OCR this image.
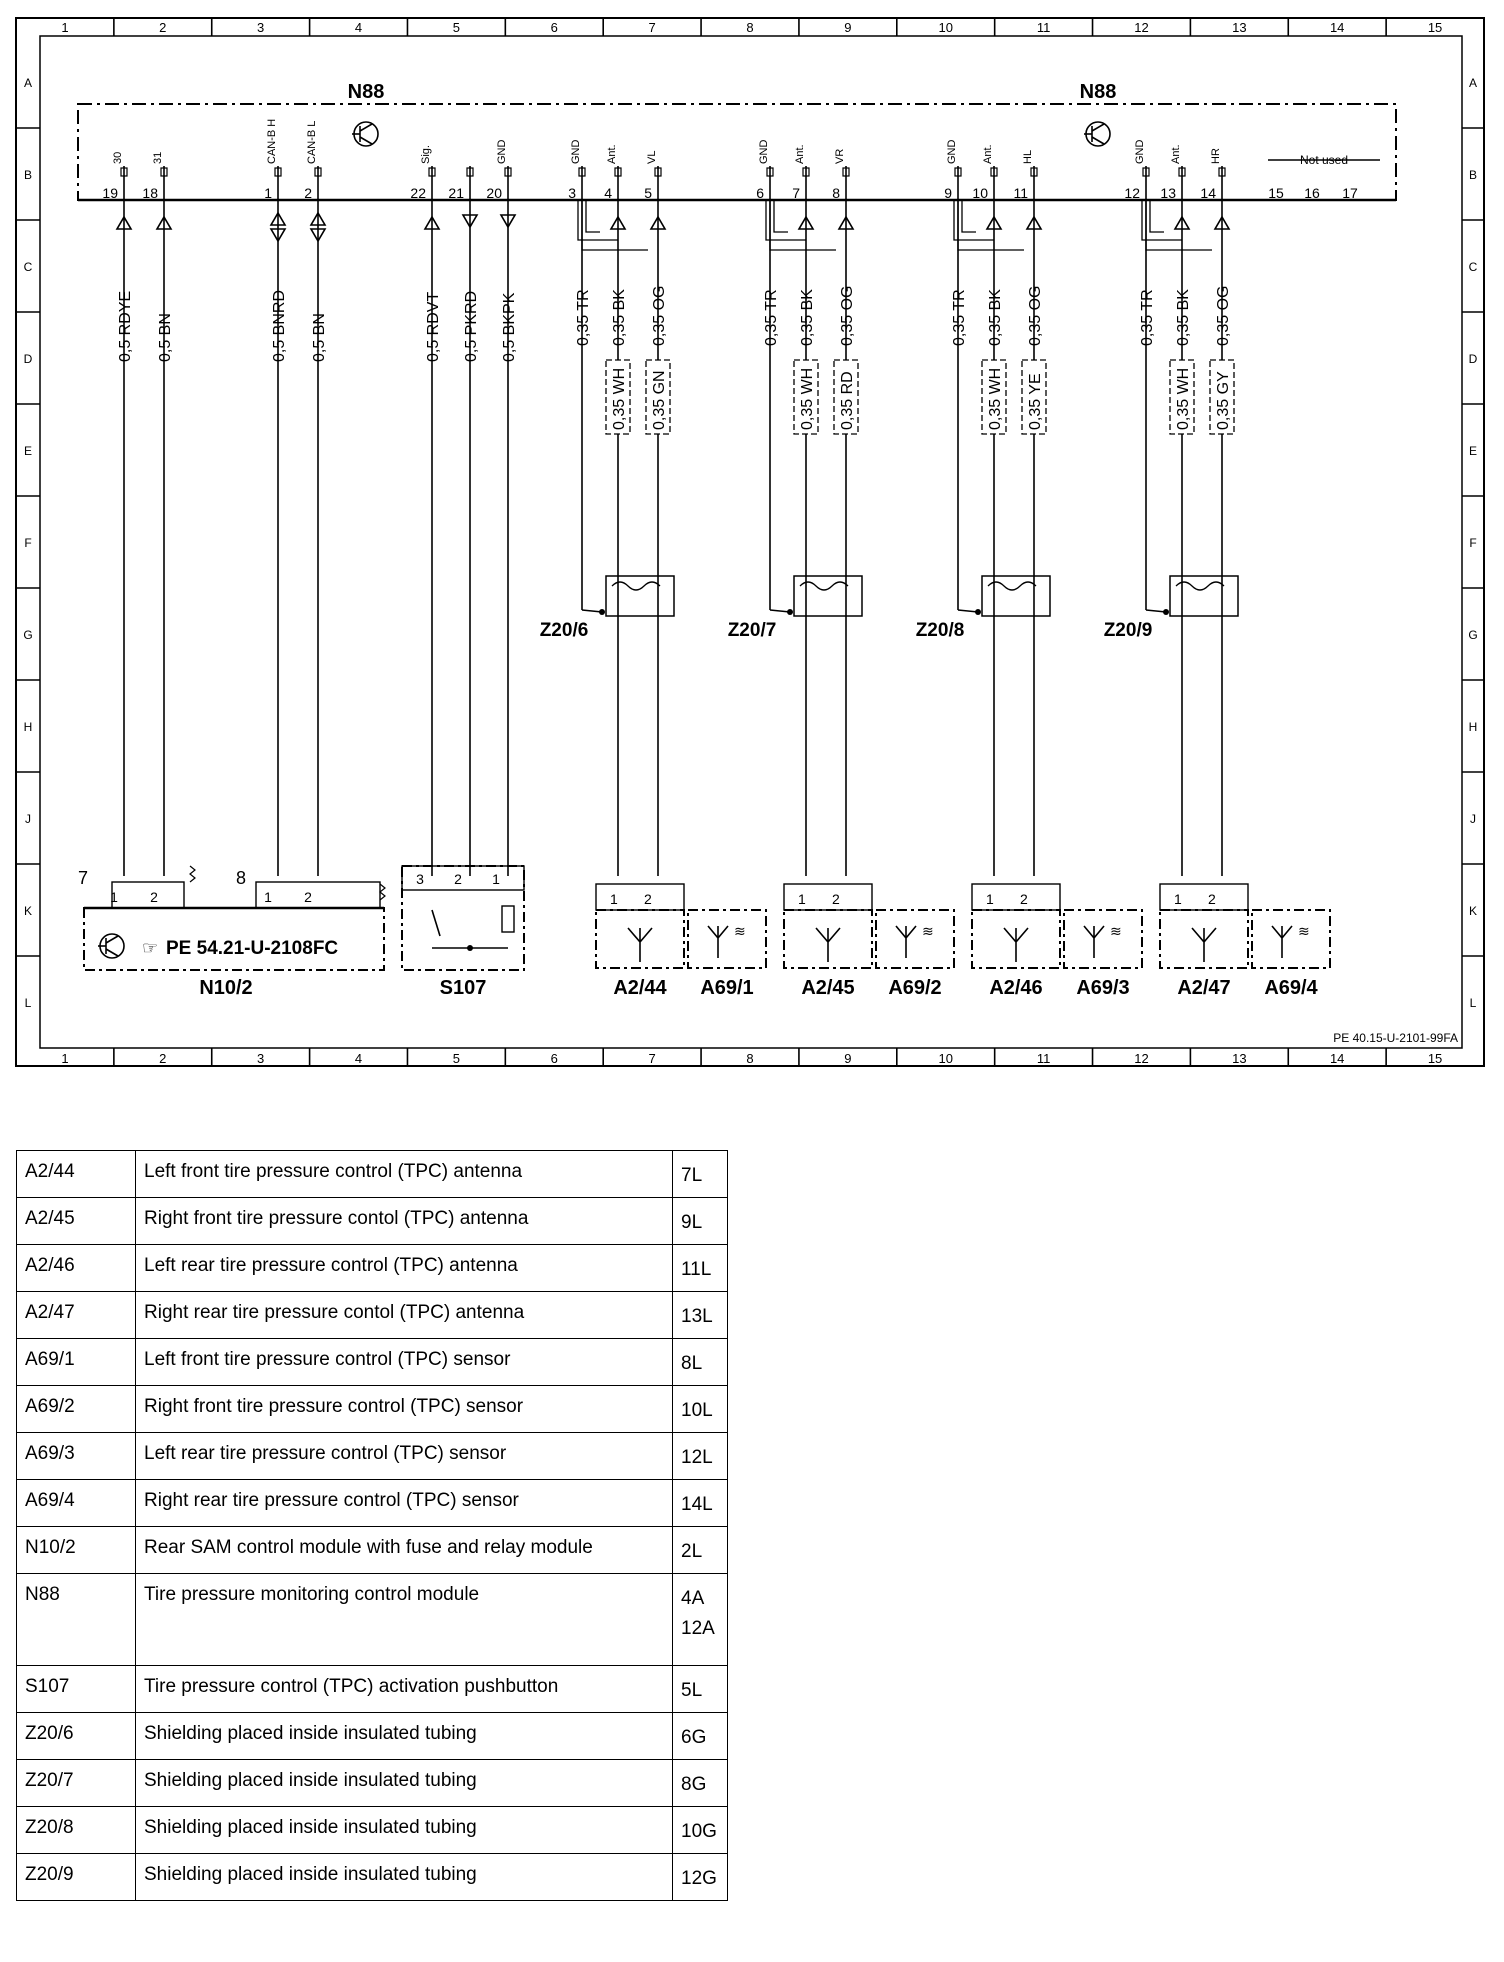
1
1
2
2
3
3
4
4
5
5
6
6
7
7
8
8
9
9
10
10
11
11
12
12
13
13
14
14
15
15
A	A
B	B
C	C
D	D
E	E
F	F
G	G
H	H
J	J
K	K
L	L
PE 40.15-U-2101-99FA
N88	N88
Not used
30
19
0,5 RDYE
31
18
0,5 BN
CAN-B H
1
0,5 BNRD
CAN-B L
2
0,5 BN
Sig.
22
0,5 RDVT
21
0,5 PKRD
GND
20
0,5 BKPK
GND
3
Ant.
4
VL
5
0,35 TR 0,35 BK 0,35 OG
0,35 WH 0,35 GN
Z20/6
GND
6
Ant.
7
VR
8
0,35 TR 0,35 BK 0,35 OG
0,35 WH 0,35 RD
Z20/7
GND
9
Ant.
10
HL
11
0,35 TR 0,35 BK 0,35 OG
0,35 WH 0,35 YE
Z20/8
GND
12
Ant.
13
HR
14
0,35 TR 0,35 BK 0,35 OG
0,35 WH 0,35 GY
Z20/9
15 16 17
7	8
1 2	1 2
☞ PE 54.21-U-2108FC
N10/2
3 2 1
S107
1 2
A2/44
≋
A69/1
1 2
A2/45
≋
A69/2
1 2
A2/46
≋
A69/3
1 2
A2/47
≋
A69/4
A2/44	Left front tire pressure control (TPC) antenna	7L

A2/45	Right front tire pressure contol (TPC) antenna	9L

A2/46	Left rear tire pressure control (TPC) antenna	11L

A2/47	Right rear tire pressure contol (TPC) antenna	13L

A69/1	Left front tire pressure control (TPC) sensor	8L

A69/2	Right front tire pressure control (TPC) sensor	10L

A69/3	Left rear tire pressure control (TPC) sensor	12L

A69/4	Right rear tire pressure control (TPC) sensor	14L

N10/2	Rear SAM control module with fuse and relay module	2L

N88	Tire pressure monitoring control module	4A
12A

S107	Tire pressure control (TPC) activation pushbutton	5L

Z20/6	Shielding placed inside insulated tubing	6G

Z20/7	Shielding placed inside insulated tubing	8G

Z20/8	Shielding placed inside insulated tubing	10G

Z20/9	Shielding placed inside insulated tubing	12G
